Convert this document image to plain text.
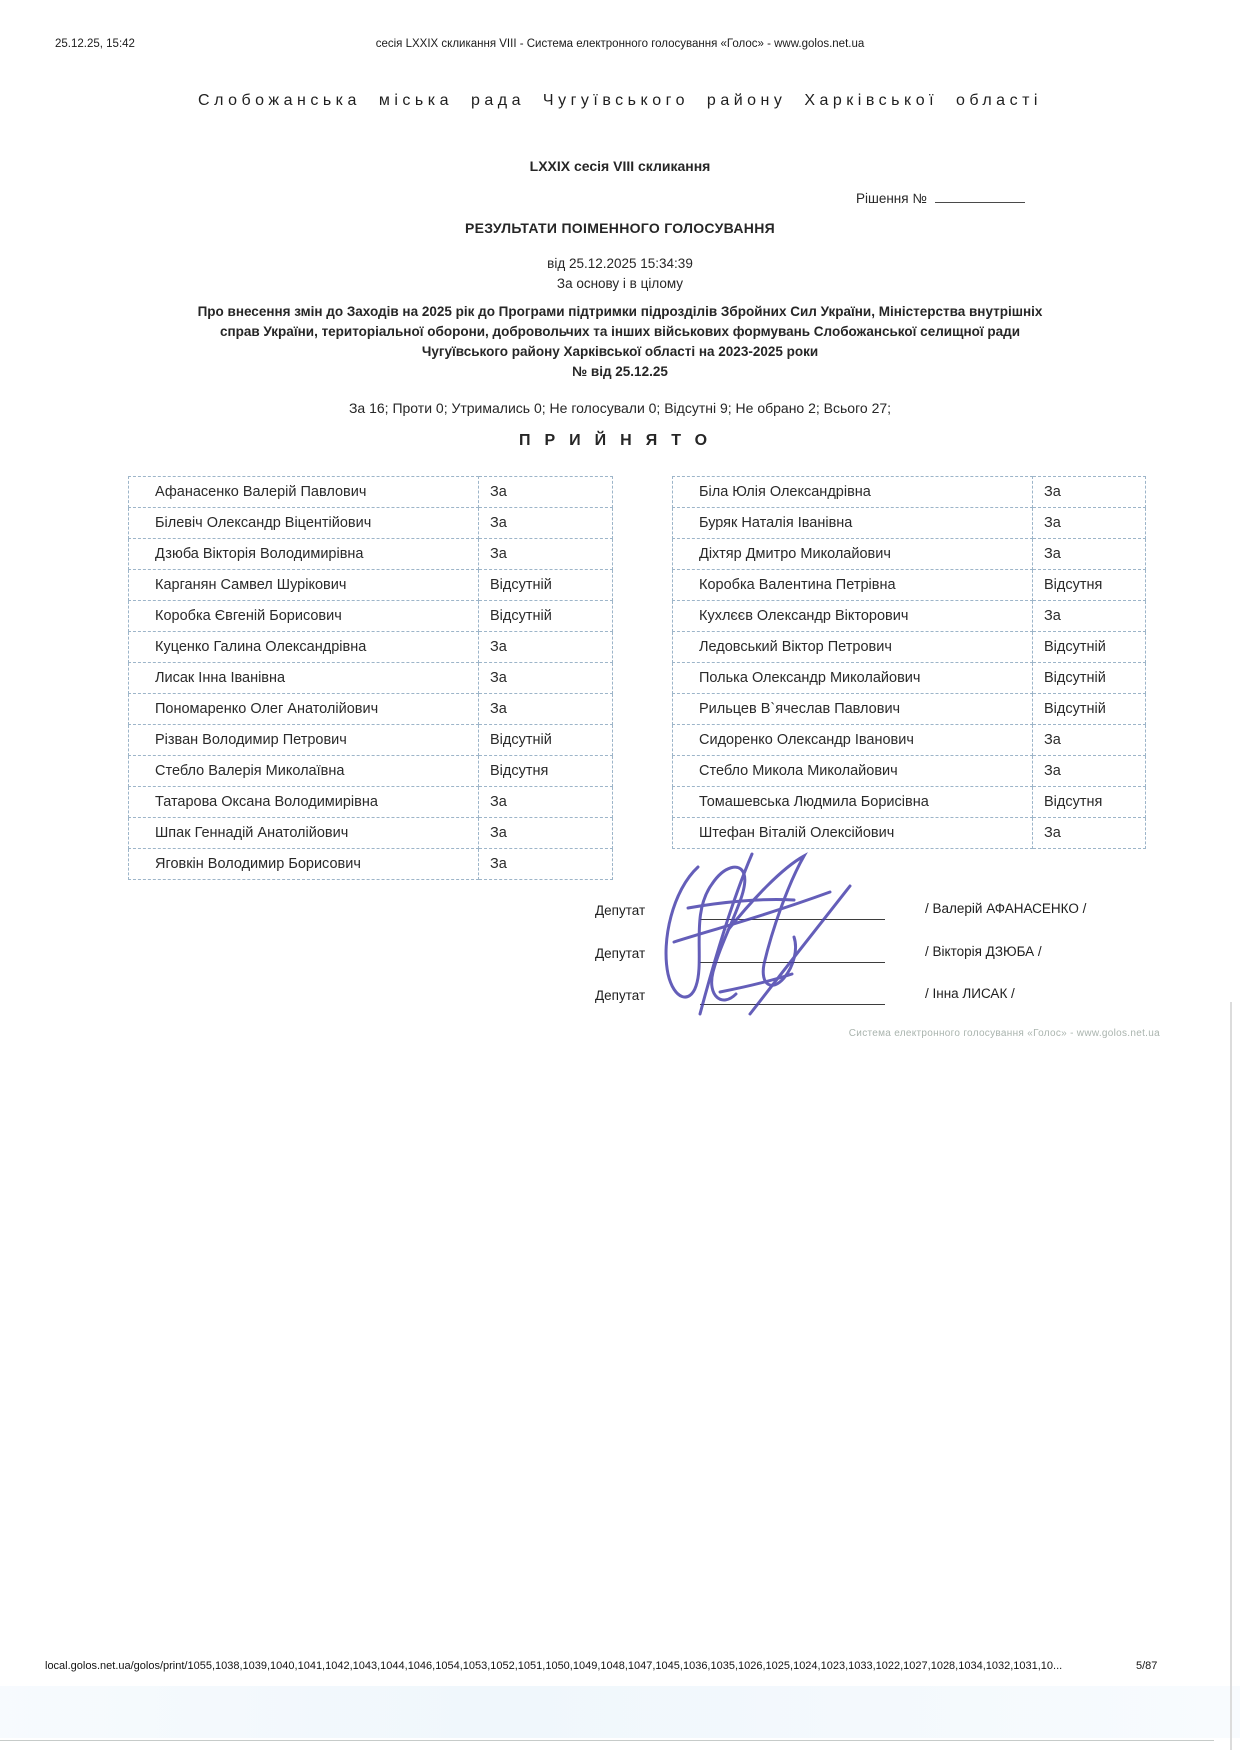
25.12.25, 15:42	сесія LXXIX скликання VIII - Система електронного голосування «Голос» - www.golos.net.ua
Слобожанська міська рада Чугуївського району Харківської області
LXXIX сесія VIII скликання
Рішення №
РЕЗУЛЬТАТИ ПОІМЕННОГО ГОЛОСУВАННЯ
від 25.12.2025 15:34:39
За основу і в цілому
Про внесення змін до Заходів на 2025 рік до Програми підтримки підрозділів Збройних Сил України, Міністерства внутрішніх
справ України, територіальної оборони, добровольчих та інших військових формувань Слобожанської селищної ради
Чугуївського району Харківської області на 2023-2025 роки
№ від 25.12.25
За 16; Проти 0; Утримались 0; Не голосували 0; Відсутні 9; Не обрано 2; Всього 27;
ПРИЙНЯТО
Афанасенко Валерій Павлович	За
Білевіч Олександр Віцентійович	За
Дзюба Вікторія Володимирівна	За
Карганян Самвел Шурікович	Відсутній
Коробка Євгеній Борисович	Відсутній
Куценко Галина Олександрівна	За
Лисак Інна Іванівна	За
Пономаренко Олег Анатолійович	За
Різван Володимир Петрович	Відсутній
Стебло Валерія Миколаївна	Відсутня
Татарова Оксана Володимирівна	За
Шпак Геннадій Анатолійович	За
Яговкін Володимир Борисович	За
Біла Юлія Олександрівна	За
Буряк Наталія Іванівна	За
Діхтяр Дмитро Миколайович	За
Коробка Валентина Петрівна	Відсутня
Кухлєєв Олександр Вікторович	За
Ледовський Віктор Петрович	Відсутній
Полька Олександр Миколайович	Відсутній
Рильцев В`ячеслав Павлович	Відсутній
Сидоренко Олександр Іванович	За
Стебло Микола Миколайович	За
Томашевська Людмила Борисівна	Відсутня
Штефан Віталій Олексійович	За
Депутат	/ Валерій АФАНАСЕНКО /
Депутат	/ Вікторія ДЗЮБА /
Депутат	/ Інна ЛИСАК /
Система електронного голосування «Голос» - www.golos.net.ua
local.golos.net.ua/golos/print/1055,1038,1039,1040,1041,1042,1043,1044,1046,1054,1053,1052,1051,1050,1049,1048,1047,1045,1036,1035,1026,1025,1024,1023,1033,1022,1027,1028,1034,1032,1031,10...	5/87
